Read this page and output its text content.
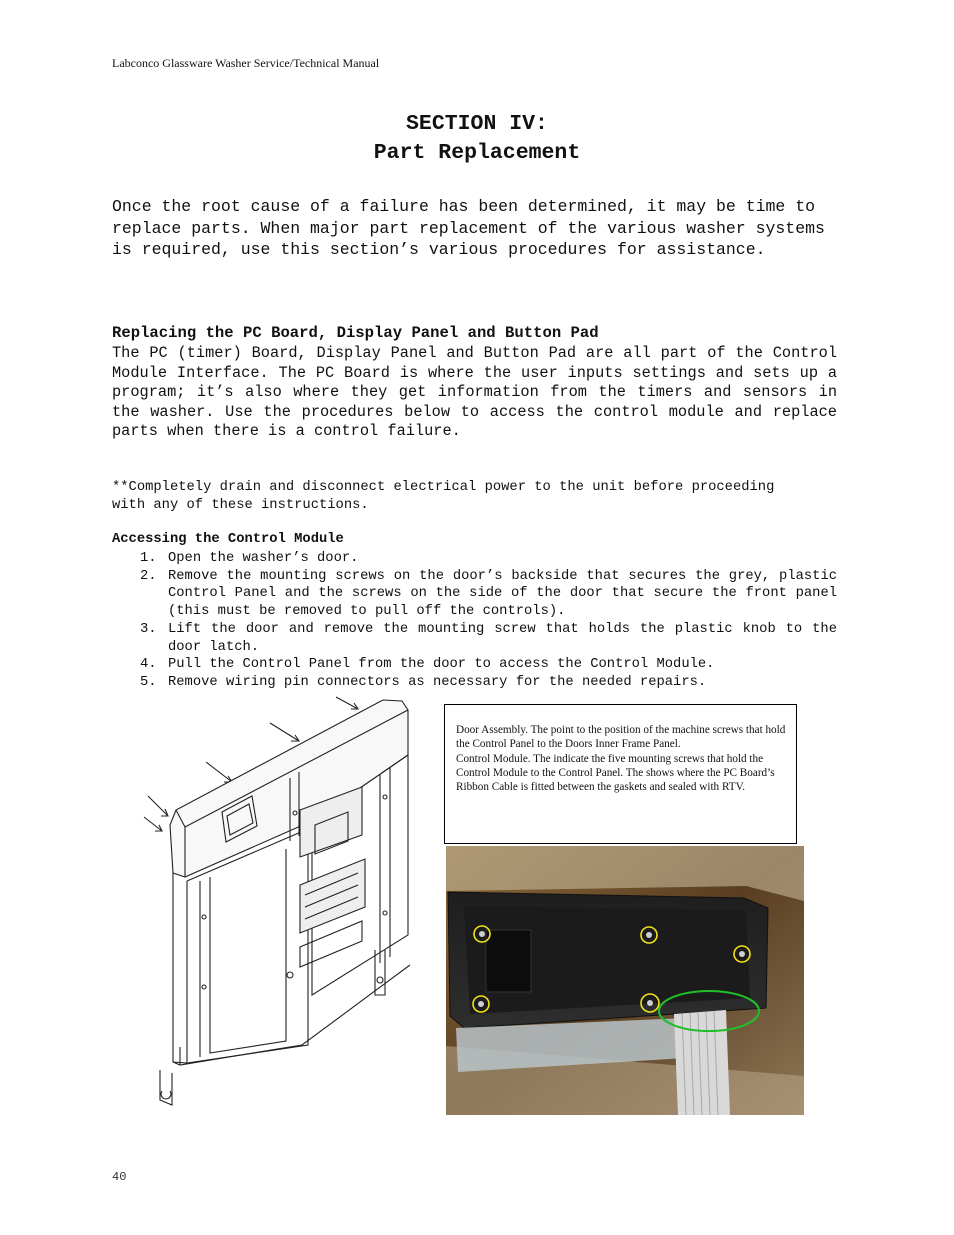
Labconco Glassware Washer Service/Technical Manual
SECTION IV:
Part Replacement

Once the root cause of a failure has been determined, it may be time to replace parts. When major part replacement of the various washer systems is required, use this section’s various procedures for assistance.

Replacing the PC Board, Display Panel and Button Pad

The PC (timer) Board, Display Panel and Button Pad are all part of the Control Module Interface. The PC Board is where the user inputs settings and sets up a program; it’s also where they get information from the timers and sensors in the washer. Use the procedures below to access the control module and replace parts when there is a control failure.

**Completely drain and disconnect electrical power to the unit before proceeding with any of these instructions.

Accessing the Control Module
1. Open the washer’s door.
2. Remove the mounting screws on the door’s backside that secures the grey, plastic Control Panel and the screws on the side of the door that secure the front panel (this must be removed to pull off the controls).
3. Lift the door and remove the mounting screw that holds the plastic knob to the door latch.
4. Pull the Control Panel from the door to access the Control Module.
5. Remove wiring pin connectors as necessary for the needed repairs.

Door Assembly. The point to the position of the machine screws that hold the Control Panel to the Doors Inner Frame Panel.

Control Module. The indicate the five mounting screws that hold the Control Module to the Control Panel. The shows where the PC Board’s Ribbon Cable is fitted between the gaskets and sealed with RTV.

40
